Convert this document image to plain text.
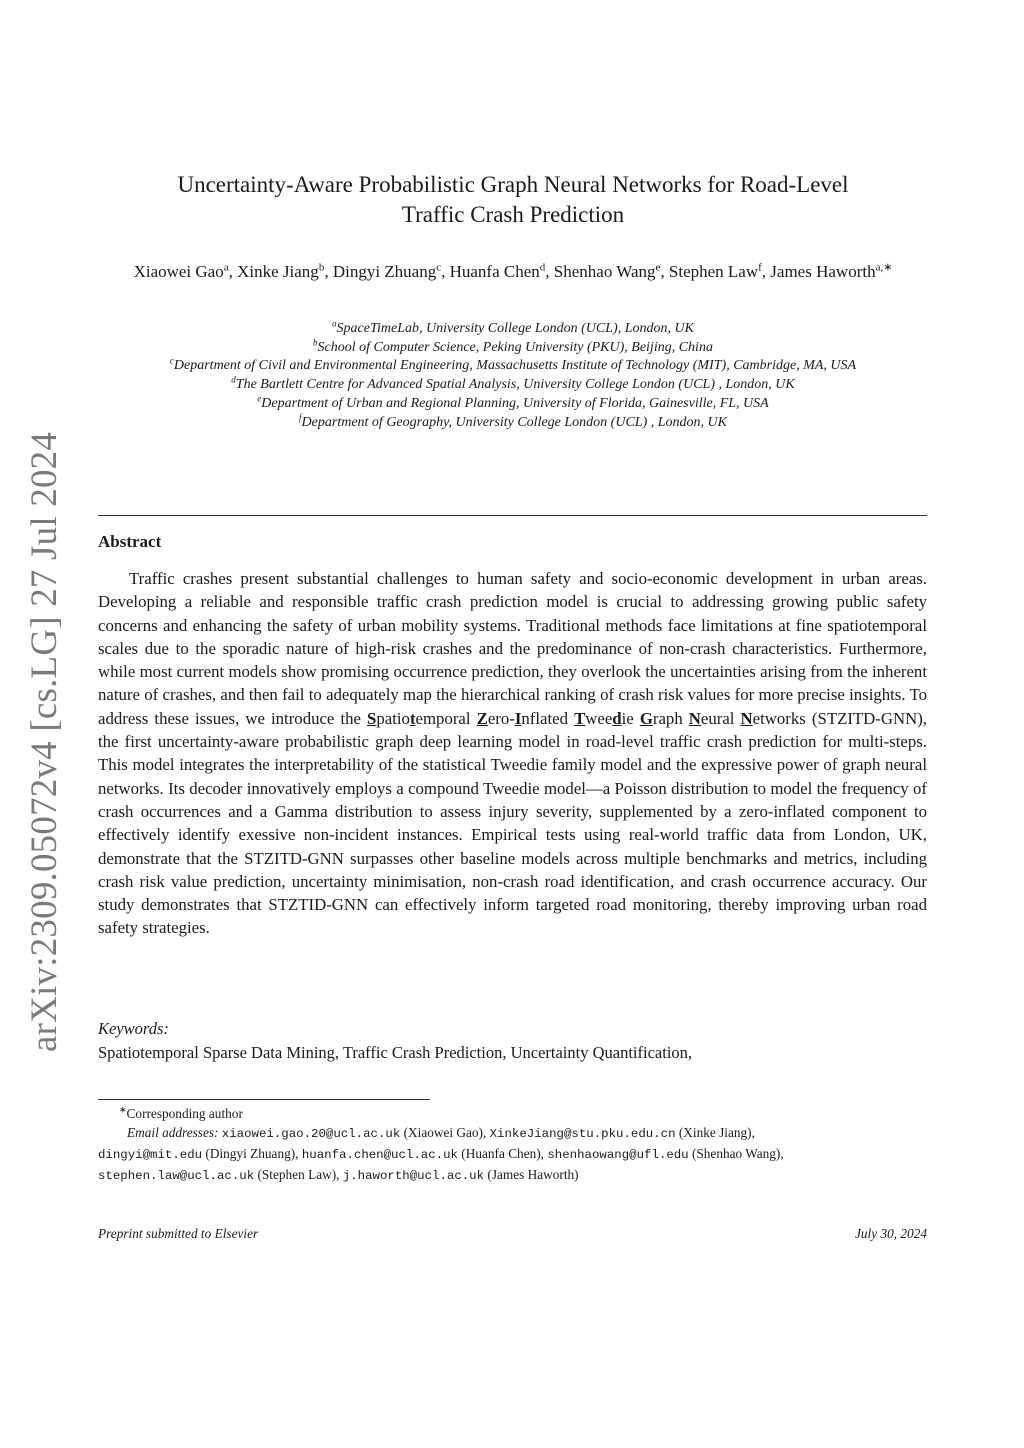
arXiv:2309.05072v4 [cs.LG] 27 Jul 2024
Uncertainty-Aware Probabilistic Graph Neural Networks for Road-Level
Traffic Crash Prediction
Xiaowei Gao$^a$, Xinke Jiang$^b$, Dingyi Zhuang$^c$, Huanfa Chen$^d$, Shenhao Wang$^e$, Stephen Law$^f$, James Haworth$^{a,∗}$
$^a$SpaceTimeLab, University College London (UCL), London, UK
$^b$School of Computer Science, Peking University (PKU), Beijing, China
$^c$Department of Civil and Environmental Engineering, Massachusetts Institute of Technology (MIT), Cambridge, MA, USA
$^d$The Bartlett Centre for Advanced Spatial Analysis, University College London (UCL) , London, UK
$^e$Department of Urban and Regional Planning, University of Florida, Gainesville, FL, USA
$^f$Department of Geography, University College London (UCL) , London, UK
Abstract
Traffic crashes present substantial challenges to human safety and socio-economic development in urban areas. Developing a reliable and responsible traffic crash prediction model is crucial to addressing growing public safety concerns and enhancing the safety of urban mobility systems. Traditional methods face limitations at fine spatiotemporal scales due to the sporadic nature of high-risk crashes and the predominance of non-crash characteristics. Furthermore, while most current models show promising occurrence prediction, they overlook the uncertainties arising from the inherent nature of crashes, and then fail to adequately map the hierarchical ranking of crash risk values for more precise insights. To address these issues, we introduce the Spatiotemporal Zero-Inflated Tweedie Graph Neural Networks (STZITD-GNN), the first uncertainty-aware probabilistic graph deep learning model in road-level traffic crash prediction for multi-steps. This model integrates the interpretability of the statistical Tweedie family model and the expressive power of graph neural networks. Its decoder innovatively employs a compound Tweedie model—a Poisson distribution to model the frequency of crash occurrences and a Gamma distribution to assess injury severity, supplemented by a zero-inflated component to effectively identify exessive non-incident instances. Empirical tests using real-world traffic data from London, UK, demonstrate that the STZITD-GNN surpasses other baseline models across multiple benchmarks and metrics, including crash risk value prediction, uncertainty minimisation, non-crash road identification, and crash occurrence accuracy. Our study demonstrates that STZTID-GNN can effectively inform targeted road monitoring, thereby improving urban road safety strategies.
Keywords:
Spatiotemporal Sparse Data Mining, Traffic Crash Prediction, Uncertainty Quantification,
∗Corresponding author
Email addresses: xiaowei.gao.20@ucl.ac.uk (Xiaowei Gao), XinkeJiang@stu.pku.edu.cn (Xinke Jiang),
dingyi@mit.edu (Dingyi Zhuang), huanfa.chen@ucl.ac.uk (Huanfa Chen), shenhaowang@ufl.edu (Shenhao Wang),
stephen.law@ucl.ac.uk (Stephen Law), j.haworth@ucl.ac.uk (James Haworth)
Preprint submitted to Elsevier	July 30, 2024
